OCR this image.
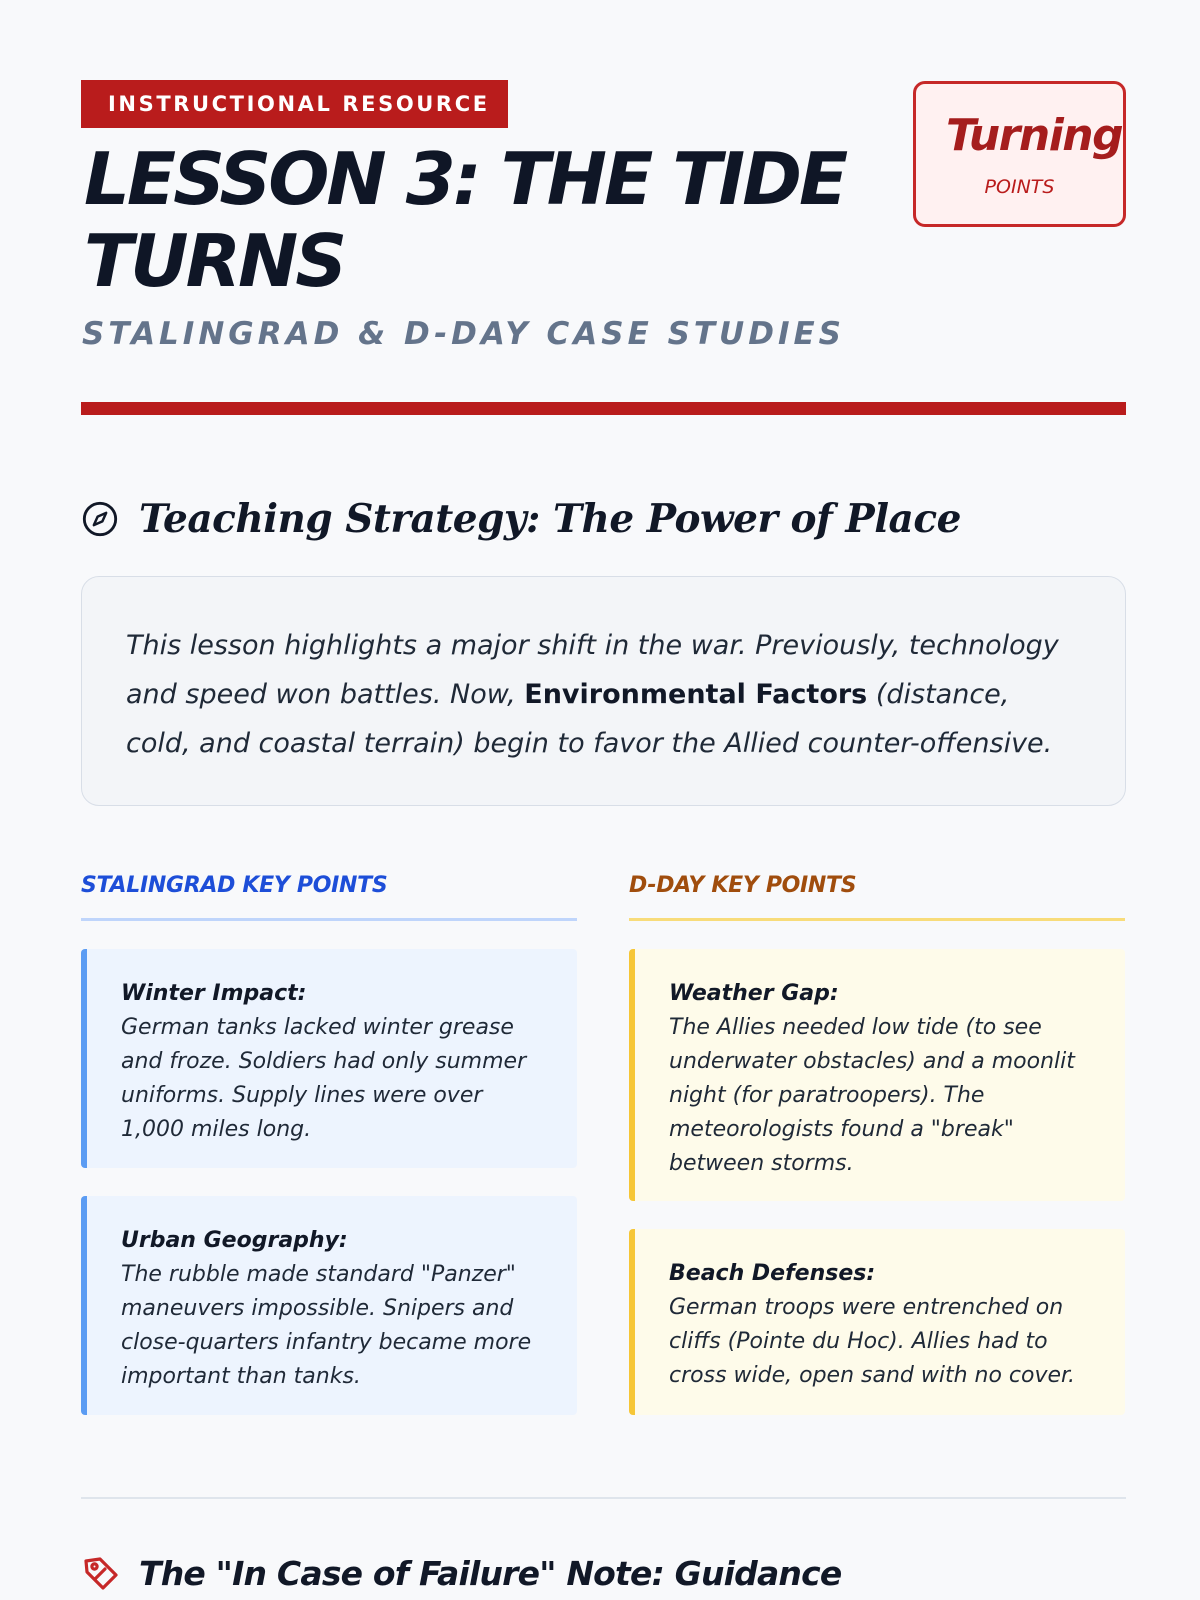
INSTRUCTIONAL RESOURCE
LESSON 3: THE TIDE TURNS
Turning
POINTS
STALINGRAD & D-DAY CASE STUDIES
Teaching Strategy: The Power of Place
This lesson highlights a major shift in the war. Previously, technology and speed won battles. Now, Environmental Factors (distance, cold, and coastal terrain) begin to favor the Allied counter-offensive.
STALINGRAD KEY POINTS	D-DAY KEY POINTS
Winter Impact:
German tanks lacked winter grease and froze. Soldiers had only summer uniforms. Supply lines were over 1,000 miles long.
Urban Geography:
The rubble made standard "Panzer" maneuvers impossible. Snipers and close-quarters infantry became more important than tanks.
Weather Gap:
The Allies needed low tide (to see underwater obstacles) and a moonlit night (for paratroopers). The meteorologists found a "break" between storms.
Beach Defenses:
German troops were entrenched on cliffs (Pointe du Hoc). Allies had to cross wide, open sand with no cover.
The "In Case of Failure" Note: Guidance
